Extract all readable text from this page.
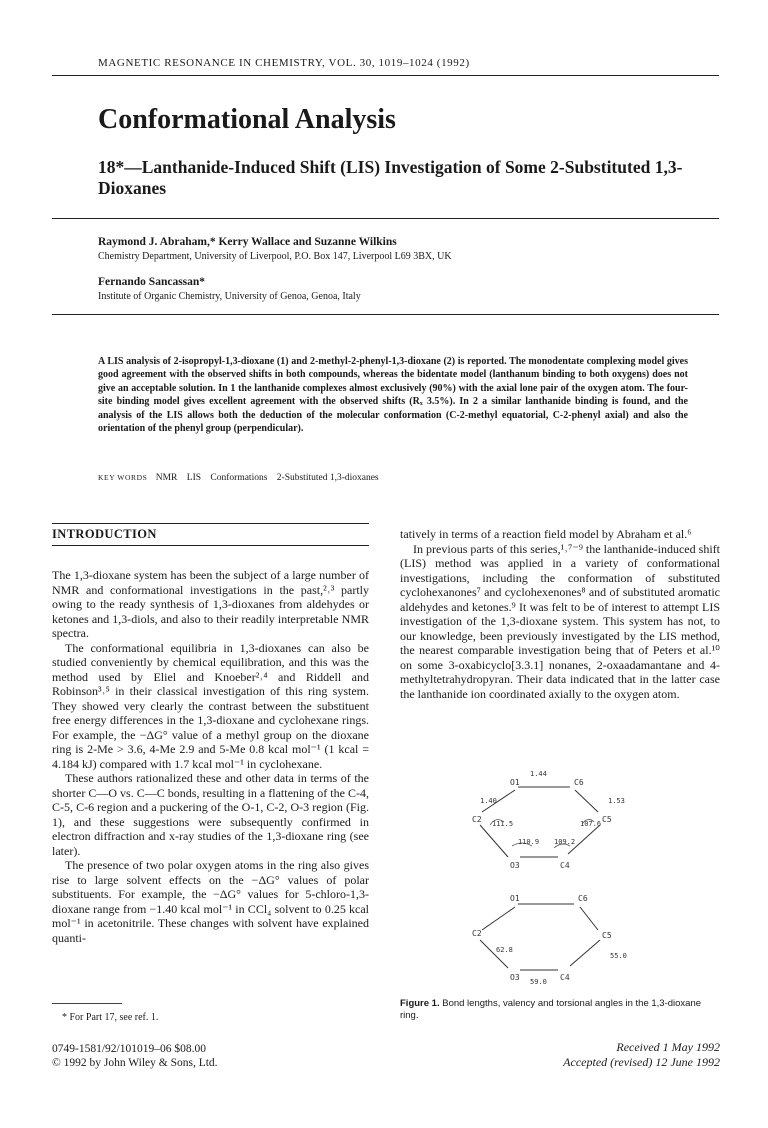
MAGNETIC RESONANCE IN CHEMISTRY, VOL. 30, 1019–1024 (1992)
Conformational Analysis
18*—Lanthanide-Induced Shift (LIS) Investigation of Some 2-Substituted 1,3-Dioxanes
Raymond J. Abraham,* Kerry Wallace and Suzanne Wilkins
Chemistry Department, University of Liverpool, P.O. Box 147, Liverpool L69 3BX, UK
Fernando Sancassan*
Institute of Organic Chemistry, University of Genoa, Genoa, Italy
A LIS analysis of 2-isopropyl-1,3-dioxane (1) and 2-methyl-2-phenyl-1,3-dioxane (2) is reported. The monodentate complexing model gives good agreement with the observed shifts in both compounds, whereas the bidentate model (lanthanum binding to both oxygens) does not give an acceptable solution. In 1 the lanthanide complexes almost exclusively (90%) with the axial lone pair of the oxygen atom. The four-site binding model gives excellent agreement with the observed shifts (Rₓ 3.5%). In 2 a similar lanthanide binding is found, and the analysis of the LIS allows both the deduction of the molecular conformation (C-2-methyl equatorial, C-2-phenyl axial) and also the orientation of the phenyl group (perpendicular).
KEY WORDS NMR LIS Conformations 2-Substituted 1,3-dioxanes
INTRODUCTION

The 1,3-dioxane system has been the subject of a large number of NMR and conformational investigations in the past,²˒³ partly owing to the ready synthesis of 1,3-dioxanes from aldehydes or ketones and 1,3-diols, and also to their readily interpretable NMR spectra.

The conformational equilibria in 1,3-dioxanes can also be studied conveniently by chemical equilibration, and this was the method used by Eliel and Knoeber²˒⁴ and Riddell and Robinson³˒⁵ in their classical investigation of this ring system. They showed very clearly the contrast between the substituent free energy differences in the 1,3-dioxane and cyclohexane rings. For example, the −ΔG° value of a methyl group on the dioxane ring is 2-Me > 3.6, 4-Me 2.9 and 5-Me 0.8 kcal mol⁻¹ (1 kcal = 4.184 kJ) compared with 1.7 kcal mol⁻¹ in cyclohexane.

These authors rationalized these and other data in terms of the shorter C—O vs. C—C bonds, resulting in a flattening of the C-4, C-5, C-6 region and a puckering of the O-1, C-2, O-3 region (Fig. 1), and these suggestions were subsequently confirmed in electron diffraction and x-ray studies of the 1,3-dioxane ring (see later).

The presence of two polar oxygen atoms in the ring also gives rise to large solvent effects on the −ΔG° values of polar substituents. For example, the −ΔG° values for 5-chloro-1,3-dioxane range from −1.40 kcal mol⁻¹ in CCl₄ solvent to 0.25 kcal mol⁻¹ in acetonitrile. These changes with solvent have explained quanti-

tatively in terms of a reaction field model by Abraham et al.⁶

In previous parts of this series,¹˒⁷⁻⁹ the lanthanide-induced shift (LIS) method was applied in a variety of conformational investigations, including the conformation of substituted cyclohexanones⁷ and cyclohexenones⁸ and of substituted aromatic aldehydes and ketones.⁹ It was felt to be of interest to attempt LIS investigation of the 1,3-dioxane system. This system has not, to our knowledge, been previously investigated by the LIS method, the nearest comparable investigation being that of Peters et al.¹⁰ on some 3-oxabicyclo[3.3.1] nonanes, 2-oxaadamantane and 4-methyltetrahydropyran. Their data indicated that in the latter case the lanthanide ion coordinated axially to the oxygen atom.

O1	C6
C5
C4
O3
C2
1.44
1.40	1.53
111.5	107.6
110.9 109.2
O1	C6
C5
C4
O3
C2
62.8
55.0
59.0
Figure 1. Bond lengths, valency and torsional angles in the 1,3-dioxane ring.
* For Part 17, see ref. 1.
0749-1581/92/101019–06 $08.00
© 1992 by John Wiley & Sons, Ltd.
Received 1 May 1992
Accepted (revised) 12 June 1992
